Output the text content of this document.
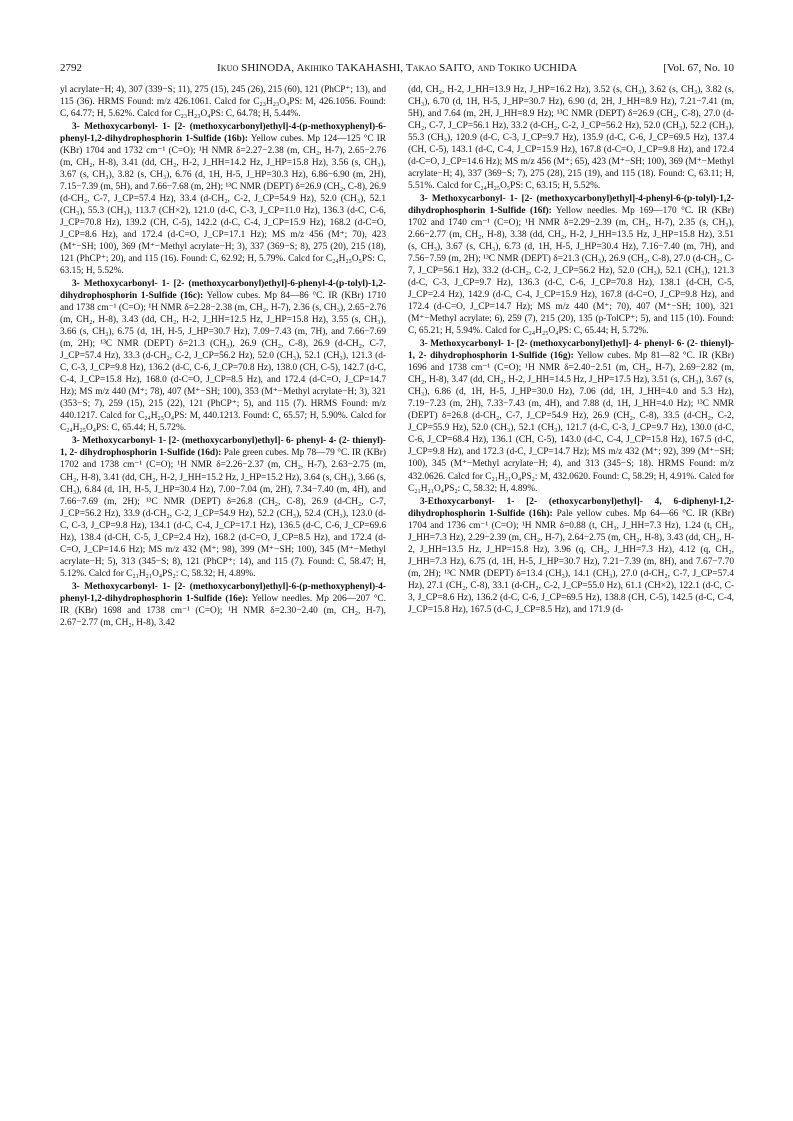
2792	Ikuo SHINODA, Akihiko TAKAHASHI, Takao SAITO, and Tokiko UCHIDA	[Vol. 67, No. 10

yl acrylate−H; 4), 307 (339−S; 11), 275 (15), 245 (26), 215 (60), 121 (PhCP⁺; 13), and 115 (36). HRMS Found: m/z 426.1061. Calcd for C₂₃H₂₃O₄PS: M, 426.1056. Found: C, 64.77; H, 5.62%. Calcd for C₂₃H₂₃O₄PS: C, 64.78; H, 5.44%.

3- Methoxycarbonyl- 1- [2- (methoxycarbonyl)ethyl]-4-(p-methoxyphenyl)-6-phenyl-1,2-dihydrophosphorin 1-Sulfide (16b): Yellow cubes. Mp 124—125 °C IR (KBr) 1704 and 1732 cm⁻¹ (C=O); ¹H NMR δ=2.27−2.38 (m, CH₂, H-7), 2.65−2.76 (m, CH₂, H-8), 3.41 (dd, CH₂, H-2, J_HH=14.2 Hz, J_HP=15.8 Hz), 3.56 (s, CH₃), 3.67 (s, CH₃), 3.82 (s, CH₃), 6.76 (d, 1H, H-5, J_HP=30.3 Hz), 6.86−6.90 (m, 2H), 7.15−7.39 (m, 5H), and 7.66−7.68 (m, 2H); ¹³C NMR (DEPT) δ=26.9 (CH₂, C-8), 26.9 (d-CH₂, C-7, J_CP=57.4 Hz), 33.4 (d-CH₂, C-2, J_CP=54.9 Hz), 52.0 (CH₃), 52.1 (CH₃), 55.3 (CH₃), 113.7 (CH×2), 121.0 (d-C, C-3, J_CP=11.0 Hz), 136.3 (d-C, C-6, J_CP=70.8 Hz), 139.2 (CH, C-5), 142.2 (d-C, C-4, J_CP=15.9 Hz), 168.2 (d-C=O, J_CP=8.6 Hz), and 172.4 (d-C=O, J_CP=17.1 Hz); MS m/z 456 (M⁺; 70), 423 (M⁺−SH; 100), 369 (M⁺−Methyl acrylate−H; 3), 337 (369−S; 8), 275 (20), 215 (18), 121 (PhCP⁺; 20), and 115 (16). Found: C, 62.92; H, 5.79%. Calcd for C₂₄H₂₅O₅PS: C, 63.15; H, 5.52%.

3- Methoxycarbonyl- 1- [2- (methoxycarbonyl)ethyl]-6-phenyl-4-(p-tolyl)-1,2-dihydrophosphorin 1-Sulfide (16c): Yellow cubes. Mp 84—86 °C. IR (KBr) 1710 and 1738 cm⁻¹ (C=O); ¹H NMR δ=2.28−2.38 (m, CH₂, H-7), 2.36 (s, CH₃), 2.65−2.76 (m, CH₂, H-8), 3.43 (dd, CH₂, H-2, J_HH=12.5 Hz, J_HP=15.8 Hz), 3.55 (s, CH₃), 3.66 (s, CH₃), 6.75 (d, 1H, H-5, J_HP=30.7 Hz), 7.09−7.43 (m, 7H), and 7.66−7.69 (m, 2H); ¹³C NMR (DEPT) δ=21.3 (CH₃), 26.9 (CH₂, C-8), 26.9 (d-CH₂, C-7, J_CP=57.4 Hz), 33.3 (d-CH₂, C-2, J_CP=56.2 Hz), 52.0 (CH₃), 52.1 (CH₃), 121.3 (d-C, C-3, J_CP=9.8 Hz), 136.2 (d-C, C-6, J_CP=70.8 Hz), 138.0 (CH, C-5), 142.7 (d-C, C-4, J_CP=15.8 Hz), 168.0 (d-C=O, J_CP=8.5 Hz), and 172.4 (d-C=O, J_CP=14.7 Hz); MS m/z 440 (M⁺; 78), 407 (M⁺−SH; 100), 353 (M⁺−Methyl acrylate−H; 3), 321 (353−S; 7), 259 (15), 215 (22), 121 (PhCP⁺; 5), and 115 (7). HRMS Found: m/z 440.1217. Calcd for C₂₄H₂₅O₄PS: M, 440.1213. Found: C, 65.57; H, 5.90%. Calcd for C₂₄H₂₅O₄PS: C, 65.44; H, 5.72%.

3- Methoxycarbonyl- 1- [2- (methoxycarbonyl)ethyl]- 6- phenyl- 4- (2- thienyl)- 1, 2- dihydrophosphorin 1-Sulfide (16d): Pale green cubes. Mp 78—79 °C. IR (KBr) 1702 and 1738 cm⁻¹ (C=O); ¹H NMR δ=2.26−2.37 (m, CH₂, H-7), 2.63−2.75 (m, CH₂, H-8), 3.41 (dd, CH₂, H-2, J_HH=15.2 Hz, J_HP=15.2 Hz), 3.64 (s, CH₃), 3.66 (s, CH₃), 6.84 (d, 1H, H-5, J_HP=30.4 Hz), 7.00−7.04 (m, 2H), 7.34−7.40 (m, 4H), and 7.66−7.69 (m, 2H); ¹³C NMR (DEPT) δ=26.8 (CH₂, C-8), 26.9 (d-CH₂, C-7, J_CP=56.2 Hz), 33.9 (d-CH₂, C-2, J_CP=54.9 Hz), 52.2 (CH₃), 52.4 (CH₃), 123.0 (d-C, C-3, J_CP=9.8 Hz), 134.1 (d-C, C-4, J_CP=17.1 Hz), 136.5 (d-C, C-6, J_CP=69.6 Hz), 138.4 (d-CH, C-5, J_CP=2.4 Hz), 168.2 (d-C=O, J_CP=8.5 Hz), and 172.4 (d-C=O, J_CP=14.6 Hz); MS m/z 432 (M⁺; 98), 399 (M⁺−SH; 100), 345 (M⁺−Methyl acrylate−H; 5), 313 (345−S; 8), 121 (PhCP⁺; 14), and 115 (7). Found: C, 58.47; H, 5.12%. Calcd for C₂₁H₂₁O₄PS₂: C, 58.32; H, 4.89%.

3- Methoxycarbonyl- 1- [2- (methoxycarbonyl)ethyl]-6-(p-methoxyphenyl)-4-phenyl-1,2-dihydrophosphorin 1-Sulfide (16e): Yellow needles. Mp 206—207 °C. IR (KBr) 1698 and 1738 cm⁻¹ (C=O); ¹H NMR δ=2.30−2.40 (m, CH₂, H-7), 2.67−2.77 (m, CH₂, H-8), 3.42

(dd, CH₂, H-2, J_HH=13.9 Hz, J_HP=16.2 Hz), 3.52 (s, CH₃), 3.62 (s, CH₃), 3.82 (s, CH₃), 6.70 (d, 1H, H-5, J_HP=30.7 Hz), 6.90 (d, 2H, J_HH=8.9 Hz), 7.21−7.41 (m, 5H), and 7.64 (m, 2H, J_HH=8.9 Hz); ¹³C NMR (DEPT) δ=26.9 (CH₂, C-8), 27.0 (d-CH₂, C-7, J_CP=56.1 Hz), 33.2 (d-CH₂, C-2, J_CP=56.2 Hz), 52.0 (CH₃), 52.2 (CH₃), 55.3 (CH₃), 120.9 (d-C, C-3, J_CP=9.7 Hz), 135.9 (d-C, C-6, J_CP=69.5 Hz), 137.4 (CH, C-5), 143.1 (d-C, C-4, J_CP=15.9 Hz), 167.8 (d-C=O, J_CP=9.8 Hz), and 172.4 (d-C=O, J_CP=14.6 Hz); MS m/z 456 (M⁺; 65), 423 (M⁺−SH; 100), 369 (M⁺−Methyl acrylate−H; 4), 337 (369−S; 7), 275 (28), 215 (19), and 115 (18). Found: C, 63.11; H, 5.51%. Calcd for C₂₄H₂₅O₅PS: C, 63.15; H, 5.52%.

3- Methoxycarbonyl- 1- [2- (methoxycarbonyl)ethyl]-4-phenyl-6-(p-tolyl)-1,2-dihydrophosphorin 1-Sulfide (16f): Yellow needles. Mp 169—170 °C. IR (KBr) 1702 and 1740 cm⁻¹ (C=O); ¹H NMR δ=2.29−2.39 (m, CH₂, H-7), 2.35 (s, CH₃), 2.66−2.77 (m, CH₂, H-8), 3.38 (dd, CH₂, H-2, J_HH=13.5 Hz, J_HP=15.8 Hz), 3.51 (s, CH₃), 3.67 (s, CH₃), 6.73 (d, 1H, H-5, J_HP=30.4 Hz), 7.16−7.40 (m, 7H), and 7.56−7.59 (m, 2H); ¹³C NMR (DEPT) δ=21.3 (CH₃), 26.9 (CH₂, C-8), 27.0 (d-CH₂, C-7, J_CP=56.1 Hz), 33.2 (d-CH₂, C-2, J_CP=56.2 Hz), 52.0 (CH₃), 52.1 (CH₃), 121.3 (d-C, C-3, J_CP=9.7 Hz), 136.3 (d-C, C-6, J_CP=70.8 Hz), 138.1 (d-CH, C-5, J_CP=2.4 Hz), 142.9 (d-C, C-4, J_CP=15.9 Hz), 167.8 (d-C=O, J_CP=9.8 Hz), and 172.4 (d-C=O, J_CP=14.7 Hz); MS m/z 440 (M⁺; 70), 407 (M⁺−SH; 100), 321 (M⁺−Methyl acrylate; 6), 259 (7), 215 (20), 135 (p-TolCP⁺; 5), and 115 (10). Found: C, 65.21; H, 5.94%. Calcd for C₂₄H₂₅O₄PS: C, 65.44; H, 5.72%.

3- Methoxycarbonyl- 1- [2- (methoxycarbonyl)ethyl]- 4- phenyl- 6- (2- thienyl)- 1, 2- dihydrophosphorin 1-Sulfide (16g): Yellow cubes. Mp 81—82 °C. IR (KBr) 1696 and 1738 cm⁻¹ (C=O); ¹H NMR δ=2.40−2.51 (m, CH₂, H-7), 2.69−2.82 (m, CH₂, H-8), 3.47 (dd, CH₂, H-2, J_HH=14.5 Hz, J_HP=17.5 Hz), 3.51 (s, CH₃), 3.67 (s, CH₃), 6.86 (d, 1H, H-5, J_HP=30.0 Hz), 7.06 (dd, 1H, J_HH=4.0 and 5.3 Hz), 7.19−7.23 (m, 2H), 7.33−7.43 (m, 4H), and 7.88 (d, 1H, J_HH=4.0 Hz); ¹³C NMR (DEPT) δ=26.8 (d-CH₂, C-7, J_CP=54.9 Hz), 26.9 (CH₂, C-8), 33.5 (d-CH₂, C-2, J_CP=55.9 Hz), 52.0 (CH₃), 52.1 (CH₃), 121.7 (d-C, C-3, J_CP=9.7 Hz), 130.0 (d-C, C-6, J_CP=68.4 Hz), 136.1 (CH, C-5), 143.0 (d-C, C-4, J_CP=15.8 Hz), 167.5 (d-C, J_CP=9.8 Hz), and 172.3 (d-C, J_CP=14.7 Hz); MS m/z 432 (M⁺; 92), 399 (M⁺−SH; 100), 345 (M⁺−Methyl acrylate−H; 4), and 313 (345−S; 18). HRMS Found: m/z 432.0626. Calcd for C₂₁H₂₁O₄PS₂: M, 432.0620. Found: C, 58.29; H, 4.91%. Calcd for C₂₁H₂₁O₄PS₂: C, 58.32; H, 4.89%.

3-Ethoxycarbonyl- 1- [2- (ethoxycarbonyl)ethyl]- 4, 6-diphenyl-1,2-dihydrophosphorin 1-Sulfide (16h): Pale yellow cubes. Mp 64—66 °C. IR (KBr) 1704 and 1736 cm⁻¹ (C=O); ¹H NMR δ=0.88 (t, CH₃, J_HH=7.3 Hz), 1.24 (t, CH₃, J_HH=7.3 Hz), 2.29−2.39 (m, CH₂, H-7), 2.64−2.75 (m, CH₂, H-8), 3.43 (dd, CH₂, H-2, J_HH=13.5 Hz, J_HP=15.8 Hz), 3.96 (q, CH₂, J_HH=7.3 Hz), 4.12 (q, CH₂, J_HH=7.3 Hz), 6.75 (d, 1H, H-5, J_HP=30.7 Hz), 7.21−7.39 (m, 8H), and 7.67−7.70 (m, 2H); ¹³C NMR (DEPT) δ=13.4 (CH₃), 14.1 (CH₃), 27.0 (d-CH₂, C-7, J_CP=57.4 Hz), 27.1 (CH₂, C-8), 33.1 (d-CH₂, C-2, J_CP=55.0 Hz), 61.1 (CH×2), 122.1 (d-C, C-3, J_CP=8.6 Hz), 136.2 (d-C, C-6, J_CP=69.5 Hz), 138.8 (CH, C-5), 142.5 (d-C, C-4, J_CP=15.8 Hz), 167.5 (d-C, J_CP=8.5 Hz), and 171.9 (d-
